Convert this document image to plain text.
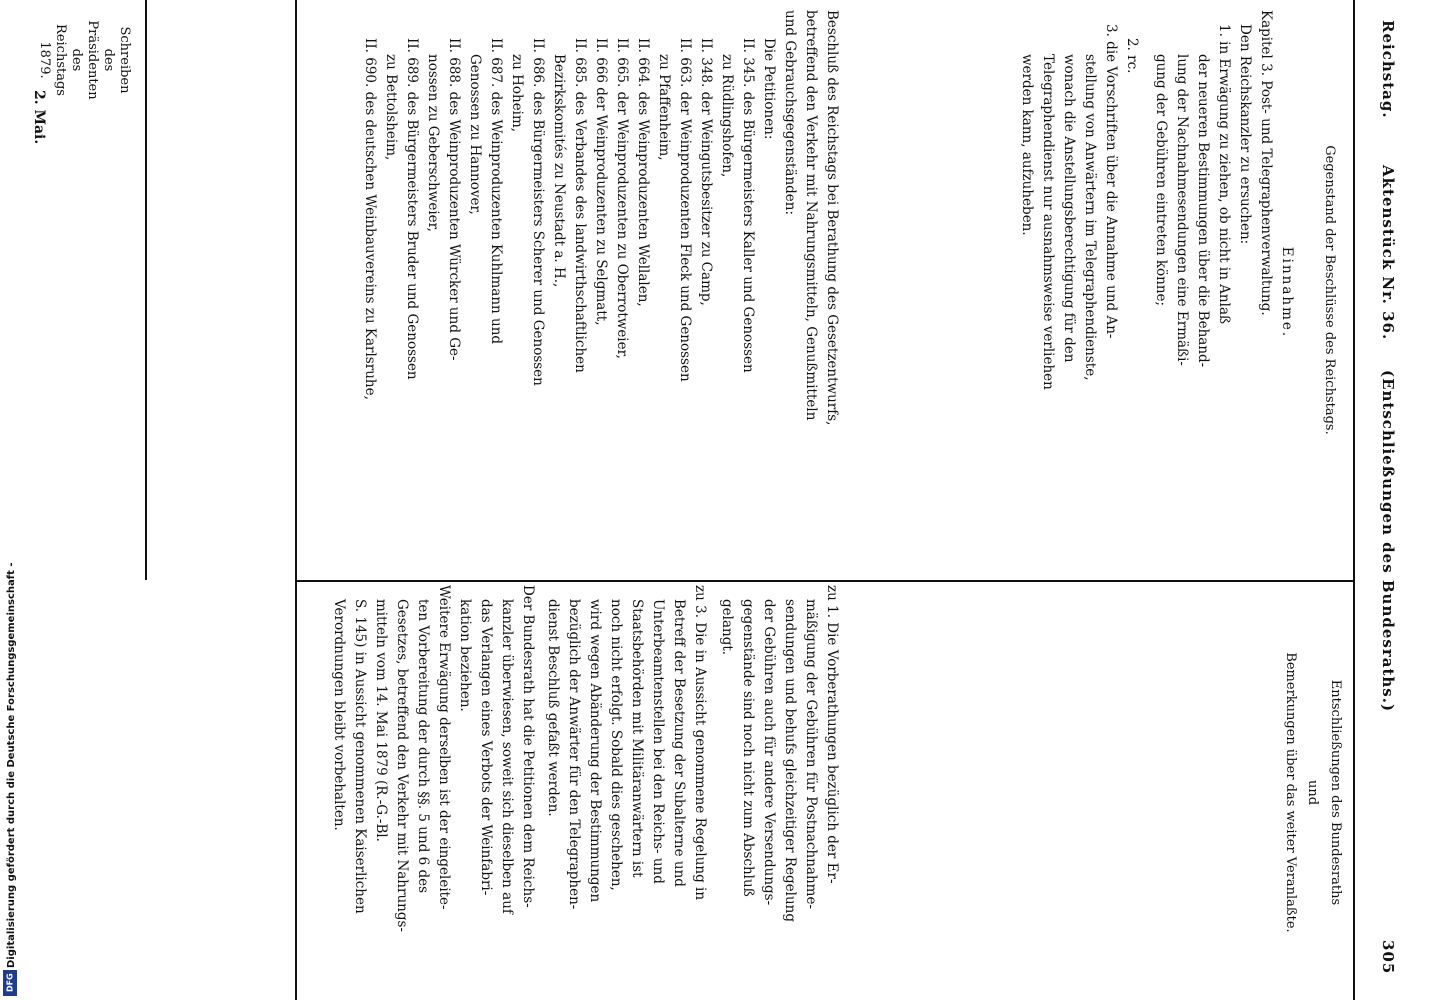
Reichstag.
Aktenstück Nr. 36.
(Entschließungen des Bundesraths.)
305
Gegenstand der Beschlüsse des Reichstags.
Einnahme.
Kapitel 3. Post- und Telegraphenverwaltung.
Den Reichskanzler zu ersuchen:
1. in Erwägung zu ziehen, ob nicht in Anlaß
der neueren Bestimmungen über die Behand-
lung der Nachnahmesendungen eine Ermäßi-
gung der Gebühren eintreten könne;
2. rc.
3. die Vorschriften über die Annahme und An-
stellung von Anwärtern im Telegraphendienste,
wonach die Anstellungsberechtigung für den
Telegraphendienst nur ausnahmsweise verliehen
werden kann, aufzuheben.
Beschluß des Reichstags bei Berathung des Gesetzentwurfs,
betreffend den Verkehr mit Nahrungsmitteln, Genußmitteln
und Gebrauchsgegenständen:
Die Petitionen:
II. 345. des Bürgermeisters Kaller und Genossen
zu Rüdlingshofen,
II. 348. der Weingutsbesitzer zu Camp,
II. 663. der Weinproduzenten Fleck und Genossen
zu Pfaffenheim,
II. 664. des Weinproduzenten Wellalen,
II. 665. der Weinproduzenten zu Oberrotweier,
II. 666 der Weinproduzenten zu Selgmatt,
II. 685. des Verbandes des landwirthschaftlichen
Bezirkskomités zu Neustadt a. H.,
II. 686. des Bürgermeisters Scherer und Genossen
zu Hoheim,
II. 687. des Weinproduzenten Kuhlmann und
Genossen zu Hannover,
II. 688. des Weinproduzenten Würcker und Ge-
nossen zu Geberschweier,
II. 689. des Bürgermeisters Bruder und Genossen
zu Bettolsheim,
II. 690. des deutschen Weinbauvereins zu Karlsruhe,
Entschließungen des Bundesraths
und
Bemerkungen über das weiter Veranlaßte.
zu 1. Die Vorberathungen bezüglich der Er-
mäßigung der Gebühren für Postnachnahme-
sendungen und behufs gleichzeitiger Regelung
der Gebühren auch für andere Versendungs-
gegenstände sind noch nicht zum Abschluß
gelangt.
zu 3. Die in Aussicht genommene Regelung in
Betreff der Besetzung der Subalterne und
Unterbeamtenstellen bei den Reichs- und
Staatsbehörden mit Militäranwärtern ist
noch nicht erfolgt. Sobald dies geschehen,
wird wegen Abänderung der Bestimmungen
bezüglich der Anwärter für den Telegraphen-
dienst Beschluß gefaßt werden.
Der Bundesrath hat die Petitionen dem Reichs-
kanzler überwiesen, soweit sich dieselben auf
das Verlangen eines Verbots der Weinfabri-
kation beziehen.
Weitere Erwägung derselben ist der eingeleite-
ten Vorbereitung der durch §§. 5 und 6 des
Gesetzes, betreffend den Verkehr mit Nahrungs-
mitteln vom 14. Mai 1879 (R.-G.-Bl.
S. 145) in Aussicht genommenen Kaiserlichen
Verordnungen bleibt vorbehalten.
Schreiben
des
Präsidenten
des
Reichstags
1879.
2. Mai.
Digitalisierung gefördert durch die Deutsche Forschungsgemeinschaft -
DFG
